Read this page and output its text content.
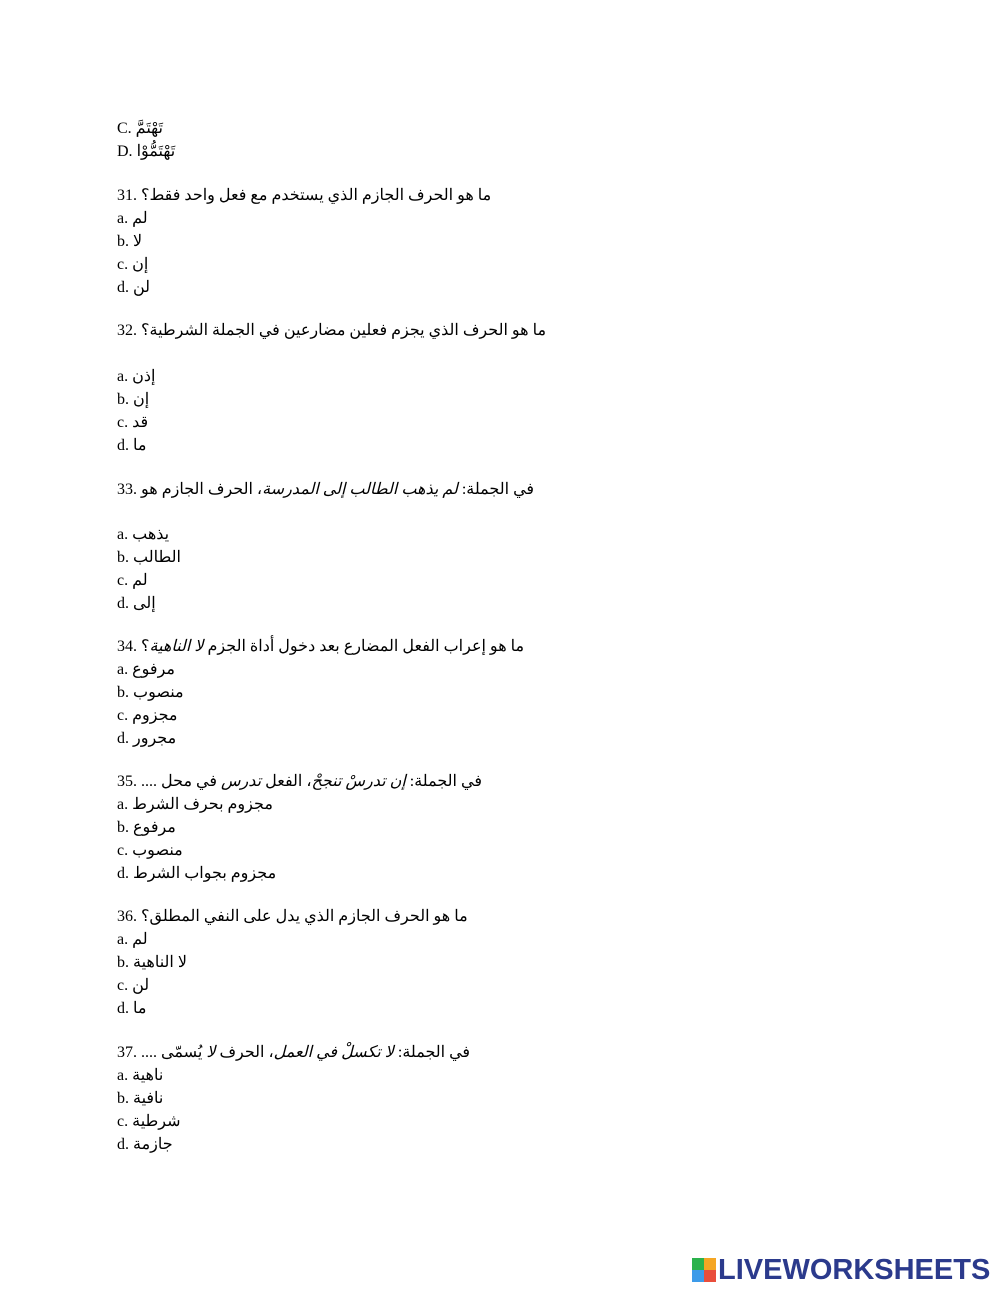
C. تَهْتَمَّ
D. تَهْتَمُّوْا
31. ما هو الحرف الجازم الذي يستخدم مع فعل واحد فقط؟
a. لم
b. لا
c. إن
d. لن
32. ما هو الحرف الذي يجزم فعلين مضارعين في الجملة الشرطية؟
a. إذن
b. إن
c. قد
d. ما
33.	في الجملة: لم يذهب الطالب إلى المدرسة، الحرف الجازم هو
a. يذهب
b. الطالب
c. لم
d. إلى
34.	ما هو إعراب الفعل المضارع بعد دخول أداة الجزم لا الناهية؟
a. مرفوع
b. منصوب
c. مجزوم
d. مجرور
35.	في الجملة: إن تدرسْ تنجحْ، الفعل تدرس في محل ....
a. مجزوم بحرف الشرط
b. مرفوع
c. منصوب
d. مجزوم بجواب الشرط
36. ما هو الحرف الجازم الذي يدل على النفي المطلق؟
a. لم
b. لا الناهية
c. لن
d. ما
37.	في الجملة: لا تكسلْ في العمل، الحرف لا يُسمّى ....
a. ناهية
b. نافية
c. شرطية
d. جازمة
LIVEWORKSHEETS
